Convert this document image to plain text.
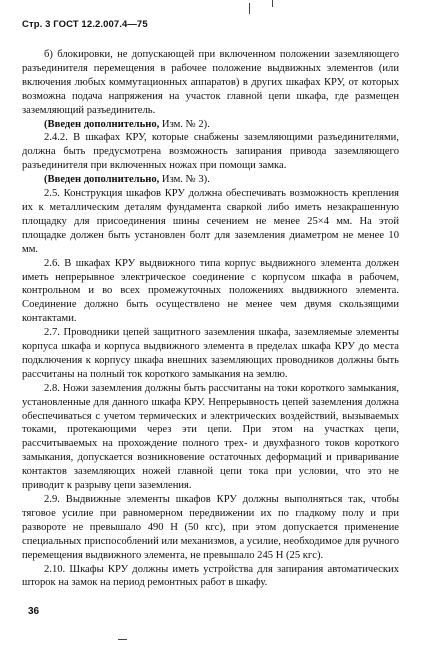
Стр. 3 ГОСТ 12.2.007.4—75

б) блокировки, не допускающей при включенном положении заземляющего разъединителя перемещения в рабочее положение выдвижных элементов (или включения любых коммутационных аппаратов) в других шкафах КРУ, от которых возможна подача напряжения на участок главной цепи шкафа, где размещен заземляющий разъединитель.

(Введен дополнительно, Изм. № 2).

2.4.2. В шкафах КРУ, которые снабжены заземляющими разъединителями, должна быть предусмотрена возможность запирания привода заземляющего разъединителя при включенных ножах при помощи замка.

(Введен дополнительно, Изм. № 3).

2.5. Конструкция шкафов КРУ должна обеспечивать возможность крепления их к металлическим деталям фундамента сваркой либо иметь незакрашенную площадку для присоединения шины сечением не менее 25×4 мм. На этой площадке должен быть установлен болт для заземления диаметром не менее 10 мм.

2.6. В шкафах КРУ выдвижного типа корпус выдвижного элемента должен иметь непрерывное электрическое соединение с корпусом шкафа в рабочем, контрольном и во всех промежуточных положениях выдвижного элемента. Соединение должно быть осуществлено не менее чем двумя скользящими контактами.

2.7. Проводники цепей защитного заземления шкафа, заземляемые элементы корпуса шкафа и корпуса выдвижного элемента в пределах шкафа КРУ до места подключения к корпусу шкафа внешних заземляющих проводников должны быть рассчитаны на полный ток короткого замыкания на землю.

2.8. Ножи заземления должны быть рассчитаны на токи короткого замыкания, установленные для данного шкафа КРУ. Непрерывность цепей заземления должна обеспечиваться с учетом термических и электрических воздействий, вызываемых токами, протекающими через эти цепи. При этом на участках цепи, рассчитываемых на прохождение полного трех- и двухфазного токов короткого замыкания, допускается возникновение остаточных деформаций и приваривание контактов заземляющих ножей главной цепи тока при условии, что это не приводит к разрыву цепи заземления.

2.9. Выдвижные элементы шкафов КРУ должны выполняться так, чтобы тяговое усилие при равномерном передвижении их по гладкому полу и при развороте не превышало 490 Н (50 кгс), при этом допускается применение специальных приспособлений или механизмов, а усилие, необходимое для ручного перемещения выдвижного элемента, не превышало 245 Н (25 кгс).

2.10. Шкафы КРУ должны иметь устройства для запирания автоматических шторок на замок на период ремонтных работ в шкафу.

36
